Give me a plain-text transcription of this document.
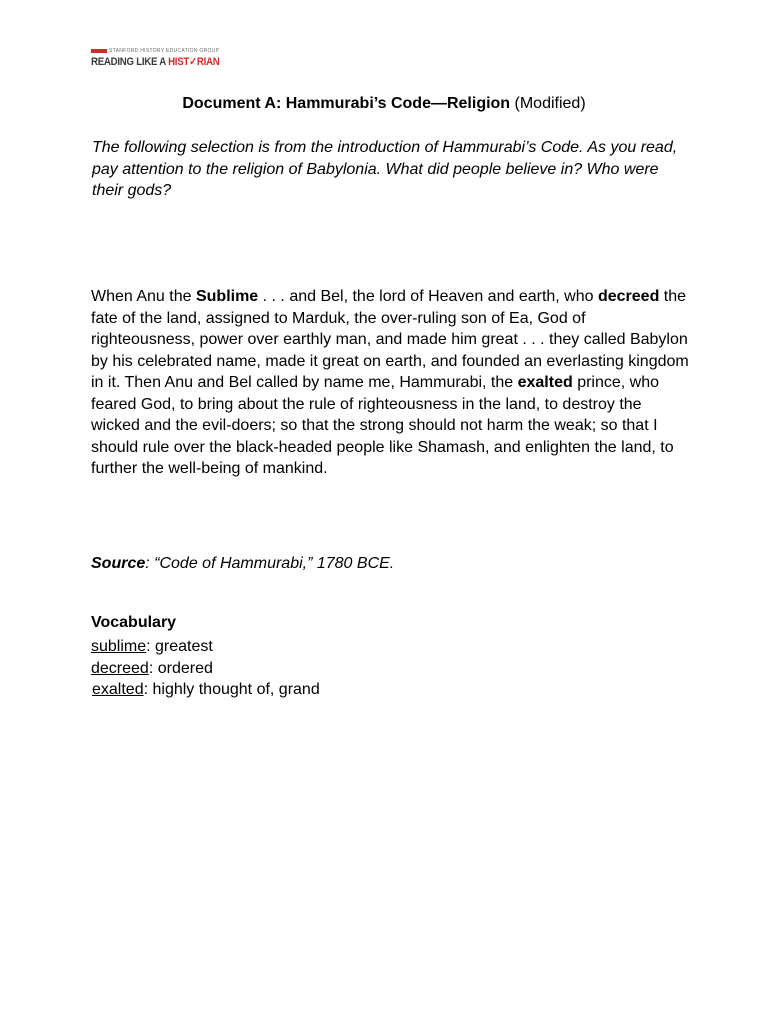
STANFORD HISTORY EDUCATION GROUP
READING LIKE A HIST✓RIAN
Document A: Hammurabi’s Code—Religion (Modified)
The following selection is from the introduction of Hammurabi’s Code. As you read, pay attention to the religion of Babylonia. What did people believe in? Who were their gods?
When Anu the Sublime . . . and Bel, the lord of Heaven and earth, who decreed the fate of the land, assigned to Marduk, the over-ruling son of Ea, God of righteousness, power over earthly man, and made him great . . . they called Babylon by his celebrated name, made it great on earth, and founded an everlasting kingdom in it. Then Anu and Bel called by name me, Hammurabi, the exalted prince, who feared God, to bring about the rule of righteousness in the land, to destroy the wicked and the evil-doers; so that the strong should not harm the weak; so that I should rule over the black-headed people like Shamash, and enlighten the land, to further the well-being of mankind.
Source: “Code of Hammurabi,” 1780 BCE.
Vocabulary
sublime: greatest
decreed: ordered
exalted: highly thought of, grand
